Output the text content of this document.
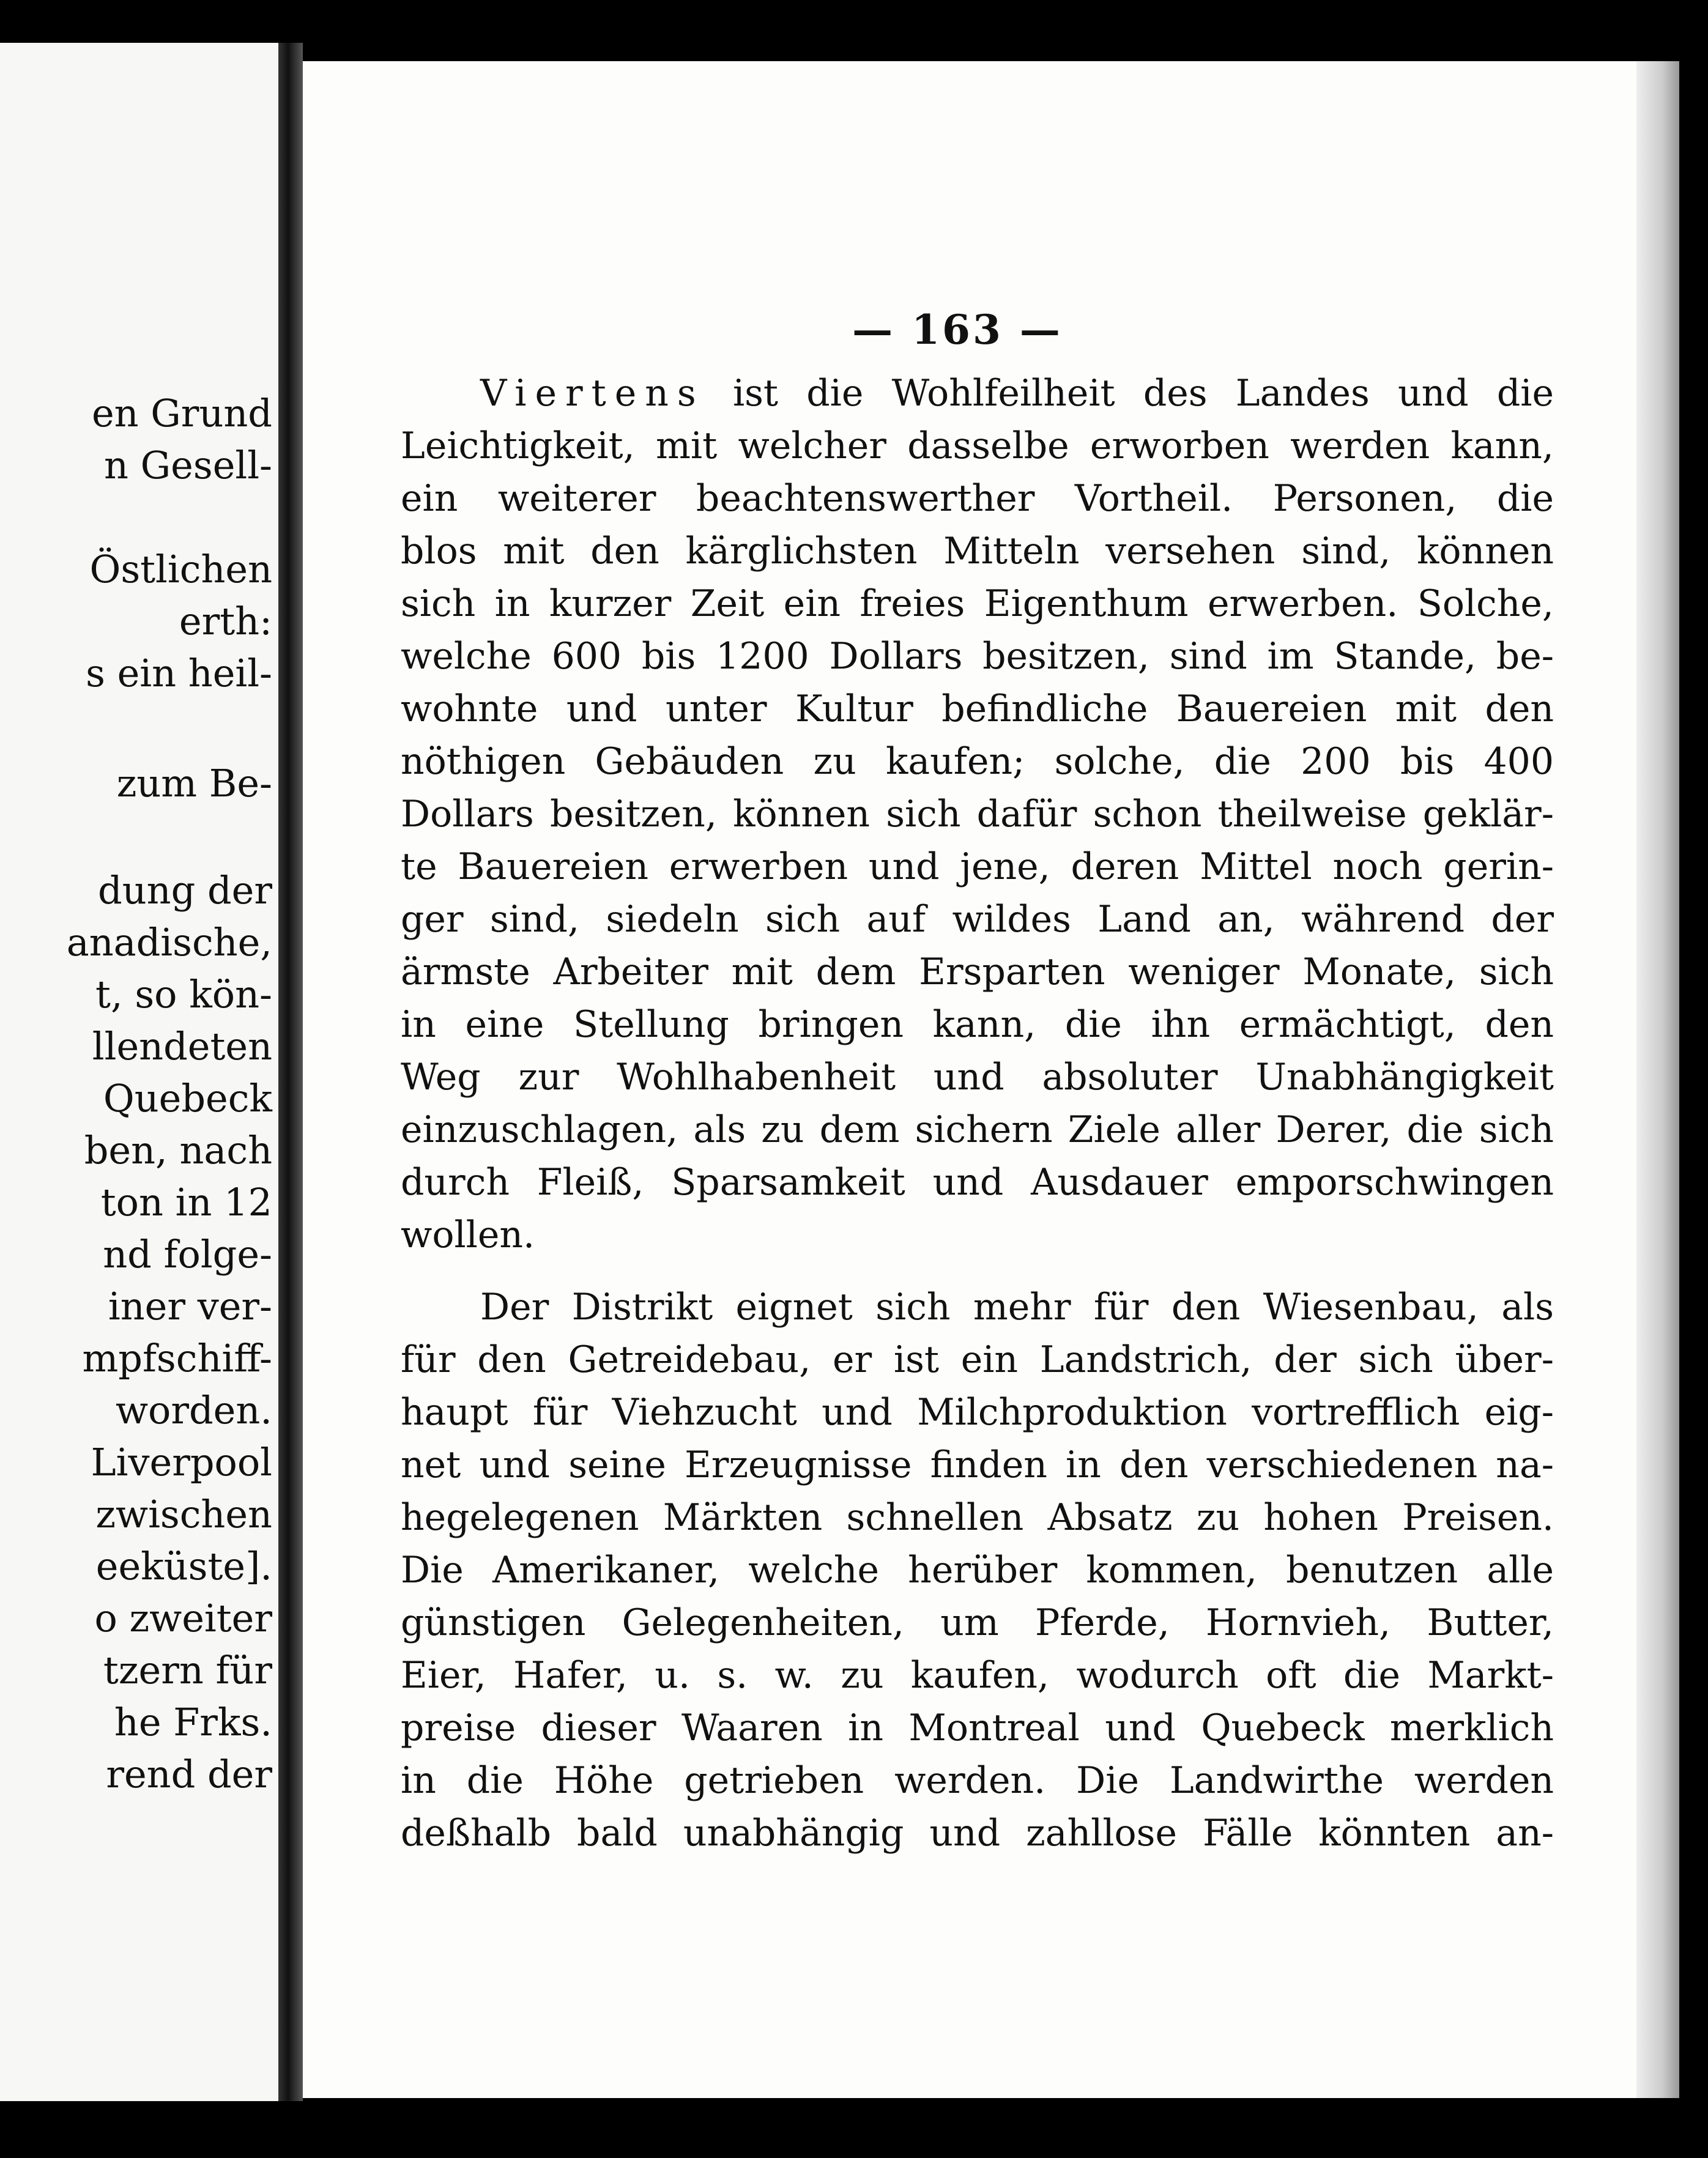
en Grund
n Gesell-
Östlichen
erth:
s ein heil-
zum Be-
dung der
anadische,
t, so kön-
llendeten
Quebeck
ben, nach
ton in 12
nd folge-
iner ver-
mpfschiff-
worden.
Liverpool
zwischen
eeküste].
o zweiter
tzern für
he Frks.
rend der
— 163 —
Viertens ist die Wohlfeilheit des Landes und die
Leichtigkeit, mit welcher dasselbe erworben werden kann,
ein weiterer beachtenswerther Vortheil. Personen, die
blos mit den kärglichsten Mitteln versehen sind, können
sich in kurzer Zeit ein freies Eigenthum erwerben. Solche,
welche 600 bis 1200 Dollars besitzen, sind im Stande, be-
wohnte und unter Kultur befindliche Bauereien mit den
nöthigen Gebäuden zu kaufen; solche, die 200 bis 400
Dollars besitzen, können sich dafür schon theilweise geklär-
te Bauereien erwerben und jene, deren Mittel noch gerin-
ger sind, siedeln sich auf wildes Land an, während der
ärmste Arbeiter mit dem Ersparten weniger Monate, sich
in eine Stellung bringen kann, die ihn ermächtigt, den
Weg zur Wohlhabenheit und absoluter Unabhängigkeit
einzuschlagen, als zu dem sichern Ziele aller Derer, die sich
durch Fleiß, Sparsamkeit und Ausdauer emporschwingen
wollen.
Der Distrikt eignet sich mehr für den Wiesenbau, als
für den Getreidebau, er ist ein Landstrich, der sich über-
haupt für Viehzucht und Milchproduktion vortrefflich eig-
net und seine Erzeugnisse finden in den verschiedenen na-
hegelegenen Märkten schnellen Absatz zu hohen Preisen.
Die Amerikaner, welche herüber kommen, benutzen alle
günstigen Gelegenheiten, um Pferde, Hornvieh, Butter,
Eier, Hafer, u. s. w. zu kaufen, wodurch oft die Markt-
preise dieser Waaren in Montreal und Quebeck merklich
in die Höhe getrieben werden. Die Landwirthe werden
deßhalb bald unabhängig und zahllose Fälle könnten an-
